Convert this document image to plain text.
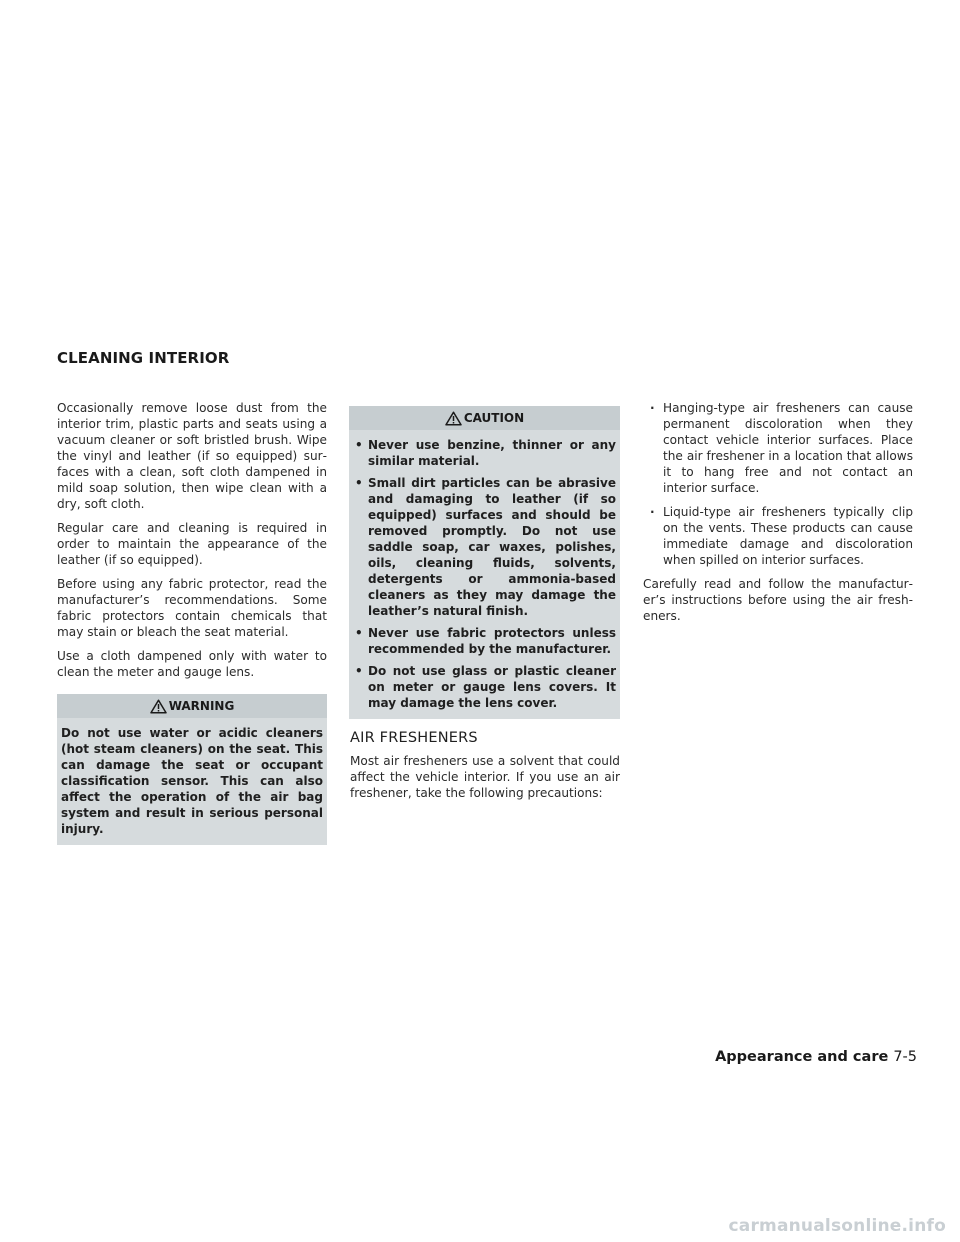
CLEANING INTERIOR

Occasionally remove loose dust from the interior trim, plastic parts and seats using a vacuum cleaner or soft bristled brush. Wipe the vinyl and leather (if so equipped) surfaces with a clean, soft cloth dampened in mild soap solution, then wipe clean with a dry, soft cloth.

Regular care and cleaning is required in order to maintain the appearance of the leather (if so equipped).

Before using any fabric protector, read the manufacturer’s recommendations. Some fabric protectors contain chemicals that may stain or bleach the seat material.

Use a cloth dampened only with water to clean the meter and gauge lens.

WARNING
Do not use water or acidic cleaners (hot steam cleaners) on the seat. This can damage the seat or occupant classification sensor. This can also affect the operation of the air bag system and result in serious personal injury.
CAUTION
• Never use benzine, thinner or any similar material.
• Small dirt particles can be abrasive and damaging to leather (if so equipped) surfaces and should be removed promptly. Do not use saddle soap, car waxes, polishes, oils, cleaning fluids, solvents, detergents or ammonia-based cleaners as they may damage the leather’s natural finish.
• Never use fabric protectors unless recommended by the manufacturer.
• Do not use glass or plastic cleaner on meter or gauge lens covers. It may damage the lens cover.
AIR FRESHENERS

Most air fresheners use a solvent that could affect the vehicle interior. If you use an air freshener, take the following precautions:

· Hanging-type air fresheners can cause permanent discoloration when they contact vehicle interior surfaces. Place the air freshener in a location that allows it to hang free and not contact an interior surface.
· Liquid-type air fresheners typically clip on the vents. These products can cause immediate damage and discoloration when spilled on interior surfaces.

Carefully read and follow the manufacturer’s instructions before using the air fresheners.

Appearance and care 7-5
carmanualsonline.info
